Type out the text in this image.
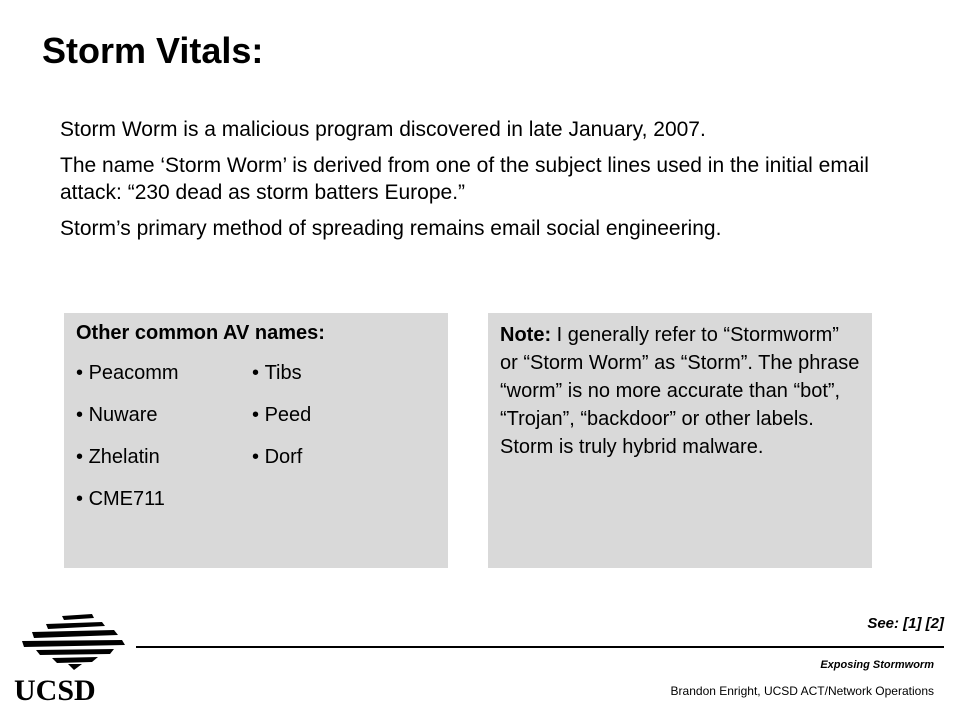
Storm Vitals:

Storm Worm is a malicious program discovered in late January, 2007.

The name ‘Storm Worm’ is derived from one of the subject lines used in the initial email attack: “230 dead as storm batters Europe.”

Storm’s primary method of spreading remains email social engineering.

Other common AV names:
• Peacomm
• Nuware
• Zhelatin
• CME711
• Tibs
• Peed
• Dorf
Note: I generally refer to “Stormworm” or “Storm Worm” as “Storm”. The phrase “worm” is no more accurate than “bot”, “Trojan”, “backdoor” or other labels. Storm is truly hybrid malware.
See: [1] [2]
UCSD
Exposing Stormworm
Brandon Enright, UCSD ACT/Network Operations
